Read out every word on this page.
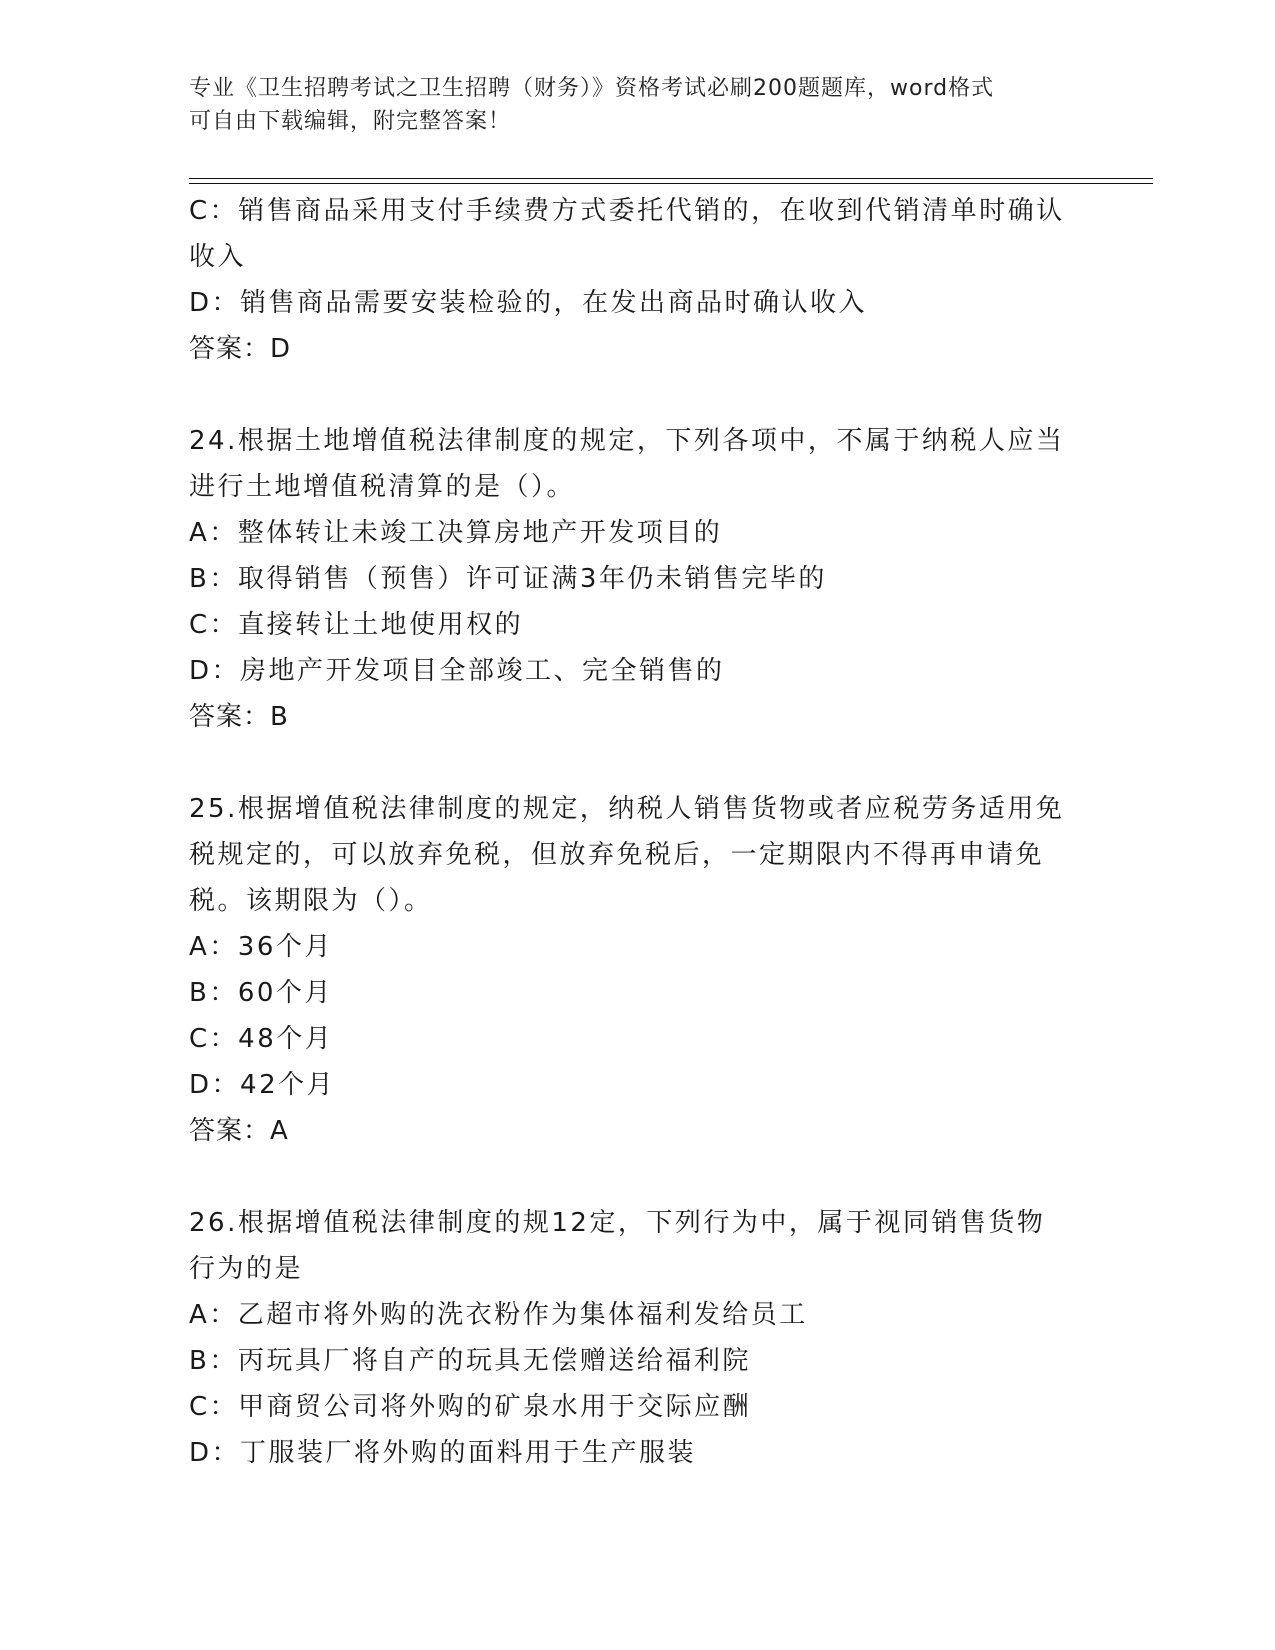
专业《卫生招聘考试之卫生招聘（财务）》资格考试必刷200题题库，word格式
可自由下载编辑，附完整答案！
C：销售商品采用支付手续费方式委托代销的，在收到代销清单时确认
收入
D：销售商品需要安装检验的，在发出商品时确认收入
答案：D
24.根据土地增值税法律制度的规定，下列各项中，不属于纳税人应当
进行土地增值税清算的是（）。
A：整体转让未竣工决算房地产开发项目的
B：取得销售（预售）许可证满3年仍未销售完毕的
C：直接转让土地使用权的
D：房地产开发项目全部竣工、完全销售的
答案：B
25.根据增值税法律制度的规定，纳税人销售货物或者应税劳务适用免
税规定的，可以放弃免税，但放弃免税后，一定期限内不得再申请免
税。该期限为（）。
A：36个月
B：60个月
C：48个月
D：42个月
答案：A
26.根据增值税法律制度的规12定，下列行为中，属于视同销售货物
行为的是
A：乙超市将外购的洗衣粉作为集体福利发给员工
B：丙玩具厂将自产的玩具无偿赠送给福利院
C：甲商贸公司将外购的矿泉水用于交际应酬
D：丁服装厂将外购的面料用于生产服装
